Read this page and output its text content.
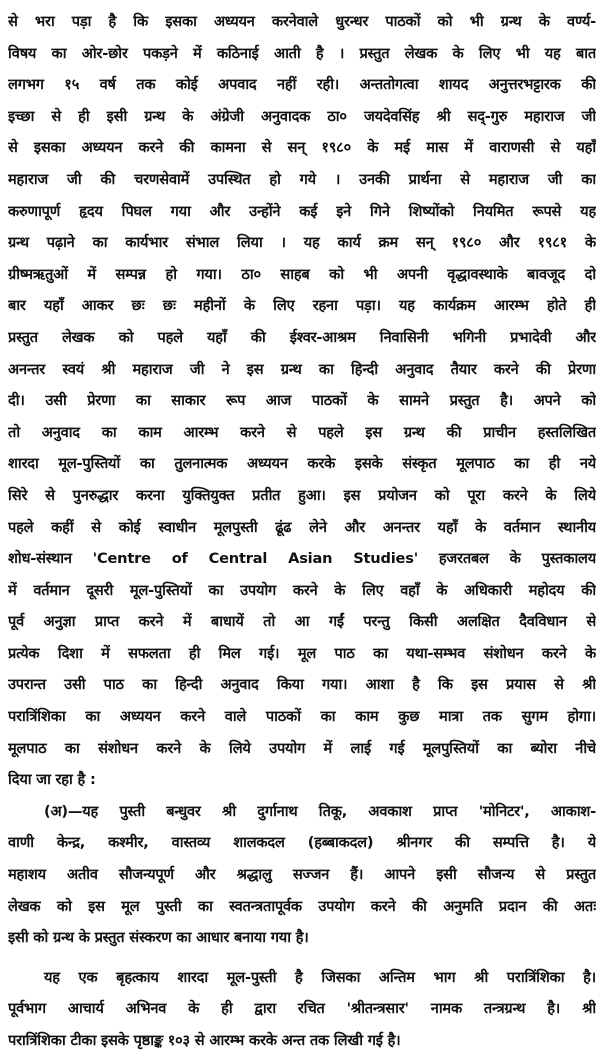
से भरा पड़ा है कि इसका अध्ययन करनेवाले धुरन्धर पाठकों को भी ग्रन्थ के वर्ण्य-
विषय का ओर-छोर पकड़ने में कठिनाई आती है । प्रस्तुत लेखक के लिए भी यह बात
लगभग १५ वर्ष तक कोई अपवाद नहीं रही। अन्ततोगत्वा शायद अनुत्तरभट्टारक की
इच्छा से ही इसी ग्रन्थ के अंग्रेजी अनुवादक ठा० जयदेवसिंह श्री सद्-गुरु महाराज जी
से इसका अध्ययन करने की कामना से सन् १९८० के मई मास में वाराणसी से यहाँ
महाराज जी की चरणसेवामें उपस्थित हो गये । उनकी प्रार्थना से महाराज जी का
करुणापूर्ण हृदय पिघल गया और उन्होंने कई इने गिने शिष्योंको नियमित रूपसे यह
ग्रन्थ पढ़ाने का कार्यभार संभाल लिया । यह कार्य क्रम सन् १९८० और १९८१ के
ग्रीष्मऋतुओं में सम्पन्न हो गया। ठा० साहब को भी अपनी वृद्धावस्थाके बावजूद दो
बार यहाँ आकर छः छः महीनों के लिए रहना पड़ा। यह कार्यक्रम आरम्भ होते ही
प्रस्तुत लेखक को पहले यहाँ की ईश्वर-आश्रम निवासिनी भगिनी प्रभादेवी और
अनन्तर स्वयं श्री महाराज जी ने इस ग्रन्थ का हिन्दी अनुवाद तैयार करने की प्रेरणा
दी। उसी प्रेरणा का साकार रूप आज पाठकों के सामने प्रस्तुत है। अपने को
तो अनुवाद का काम आरम्भ करने से पहले इस ग्रन्थ की प्राचीन हस्तलिखित
शारदा मूल-पुस्तियों का तुलनात्मक अध्ययन करके इसके संस्कृत मूलपाठ का ही नये
सिरे से पुनरुद्धार करना युक्तियुक्त प्रतीत हुआ। इस प्रयोजन को पूरा करने के लिये
पहले कहीं से कोई स्वाधीन मूलपुस्ती ढूंढ लेने और अनन्तर यहाँ के वर्तमान स्थानीय
शोध-संस्थान 'Centre of Central Asian Studies' हजरतबल के पुस्तकालय
में वर्तमान दूसरी मूल-पुस्तियों का उपयोग करने के लिए वहाँ के अधिकारी महोदय की
पूर्व अनुज्ञा प्राप्त करने में बाधायें तो आ गईं परन्तु किसी अलक्षित दैवविधान से
प्रत्येक दिशा में सफलता ही मिल गई। मूल पाठ का यथा-सम्भव संशोधन करने के
उपरान्त उसी पाठ का हिन्दी अनुवाद किया गया। आशा है कि इस प्रयास से श्री
परात्रिंशिका का अध्ययन करने वाले पाठकों का काम कुछ मात्रा तक सुगम होगा।
मूलपाठ का संशोधन करने के लिये उपयोग में लाई गई मूलपुस्तियों का ब्योरा नीचे
दिया जा रहा है :
(अ)—यह पुस्ती बन्धुवर श्री दुर्गानाथ तिकू, अवकाश प्राप्त 'मोनिटर', आकाश-
वाणी केन्द्र, कश्मीर, वास्तव्य शालकदल (हब्बाकदल) श्रीनगर की सम्पत्ति है। ये
महाशय अतीव सौजन्यपूर्ण और श्रद्धालु सज्जन हैं। आपने इसी सौजन्य से प्रस्तुत
लेखक को इस मूल पुस्ती का स्वतन्त्रतापूर्वक उपयोग करने की अनुमति प्रदान की अतः
इसी को ग्रन्थ के प्रस्तुत संस्करण का आधार बनाया गया है।
यह एक बृहत्काय शारदा मूल-पुस्ती है जिसका अन्तिम भाग श्री परात्रिंशिका है।
पूर्वभाग आचार्य अभिनव के ही द्वारा रचित 'श्रीतन्त्रसार' नामक तन्त्रग्रन्थ है। श्री
परात्रिंशिका टीका इसके पृष्ठाङ्क १०३ से आरम्भ करके अन्त तक लिखी गई है।
